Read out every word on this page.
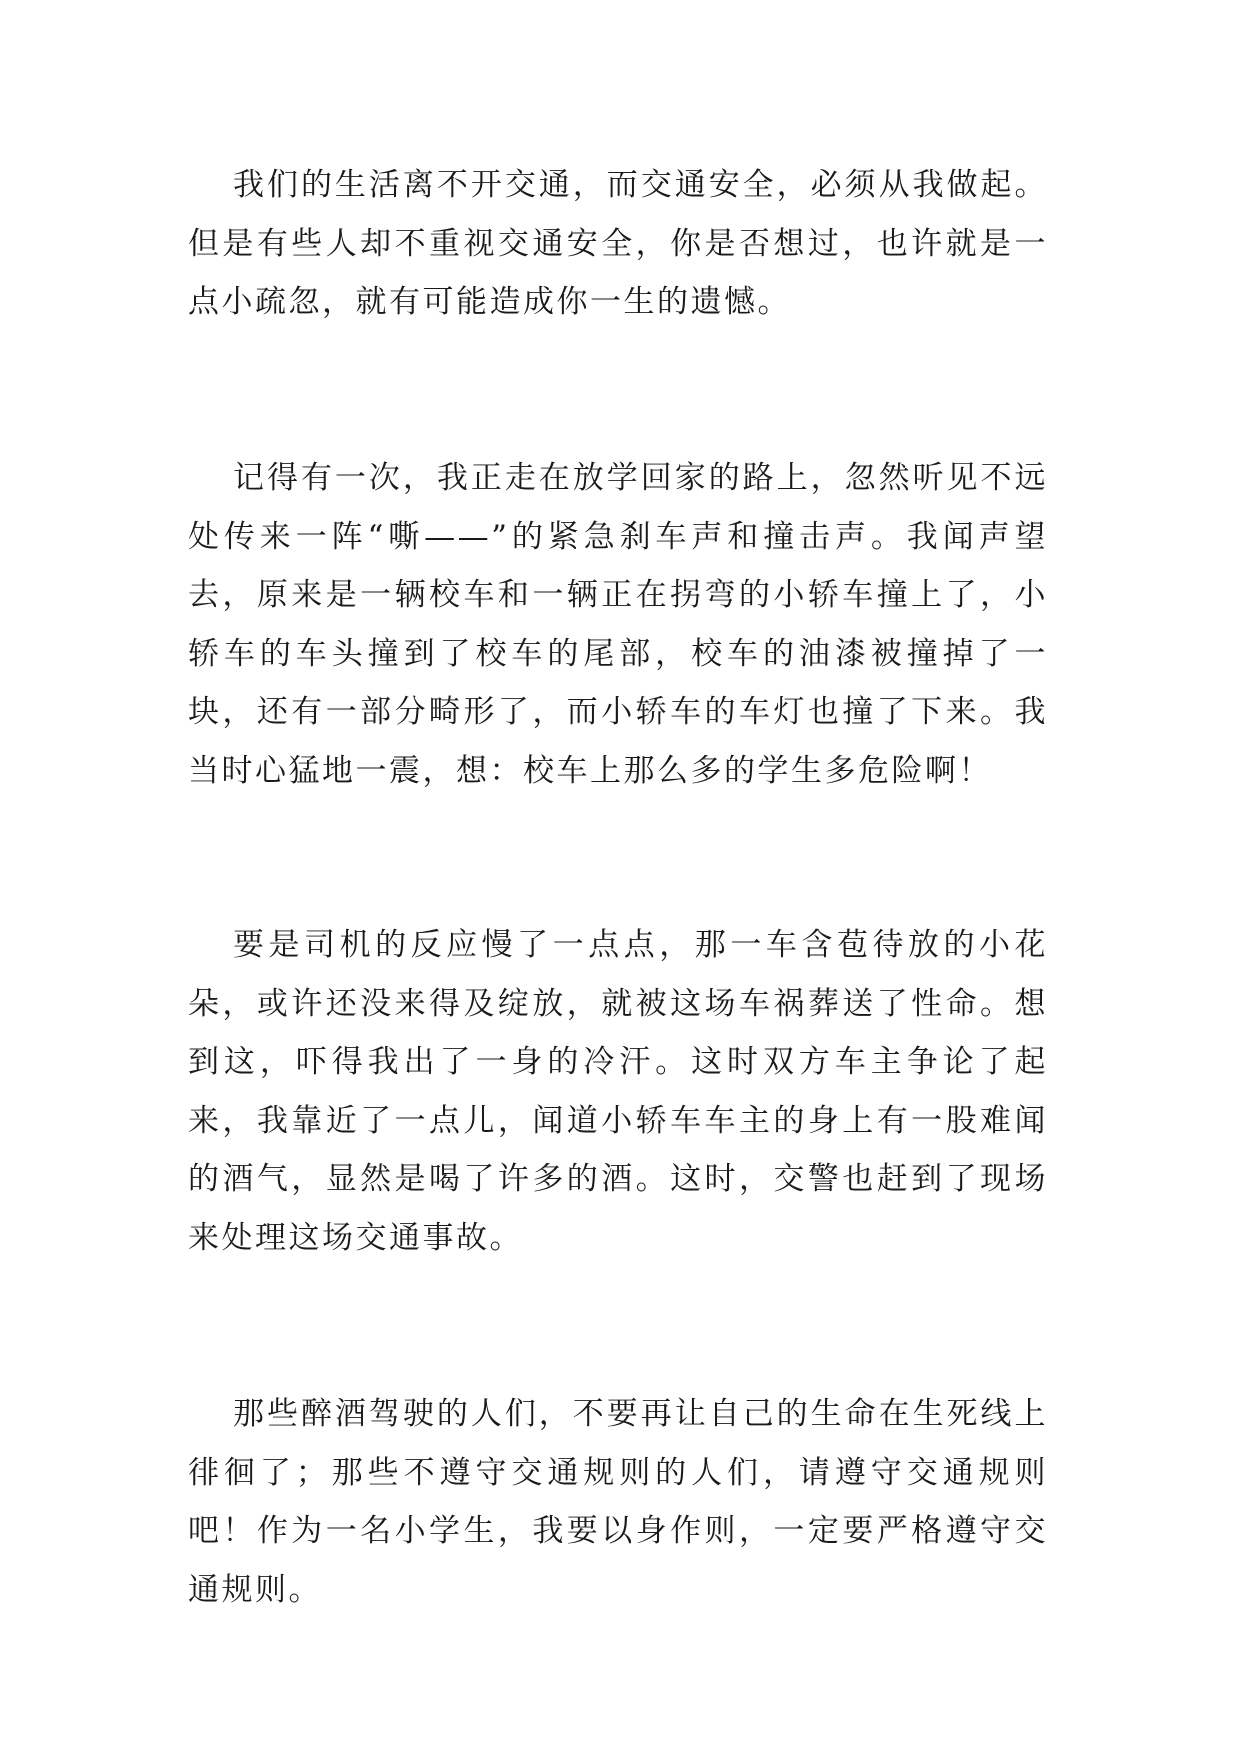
我们的生活离不开交通，而交通安全，必须从我做起。但是有些人却不重视交通安全，你是否想过，也许就是一点小疏忽，就有可能造成你一生的遗憾。

记得有一次，我正走在放学回家的路上，忽然听见不远处传来一阵“嘶——”的紧急刹车声和撞击声。我闻声望去，原来是一辆校车和一辆正在拐弯的小轿车撞上了，小轿车的车头撞到了校车的尾部，校车的油漆被撞掉了一块，还有一部分畸形了，而小轿车的车灯也撞了下来。我当时心猛地一震，想：校车上那么多的学生多危险啊！

要是司机的反应慢了一点点，那一车含苞待放的小花朵，或许还没来得及绽放，就被这场车祸葬送了性命。想到这，吓得我出了一身的冷汗。这时双方车主争论了起来，我靠近了一点儿，闻道小轿车车主的身上有一股难闻的酒气，显然是喝了许多的酒。这时，交警也赶到了现场来处理这场交通事故。

那些醉酒驾驶的人们，不要再让自己的生命在生死线上徘徊了；那些不遵守交通规则的人们，请遵守交通规则吧！作为一名小学生，我要以身作则，一定要严格遵守交通规则。
